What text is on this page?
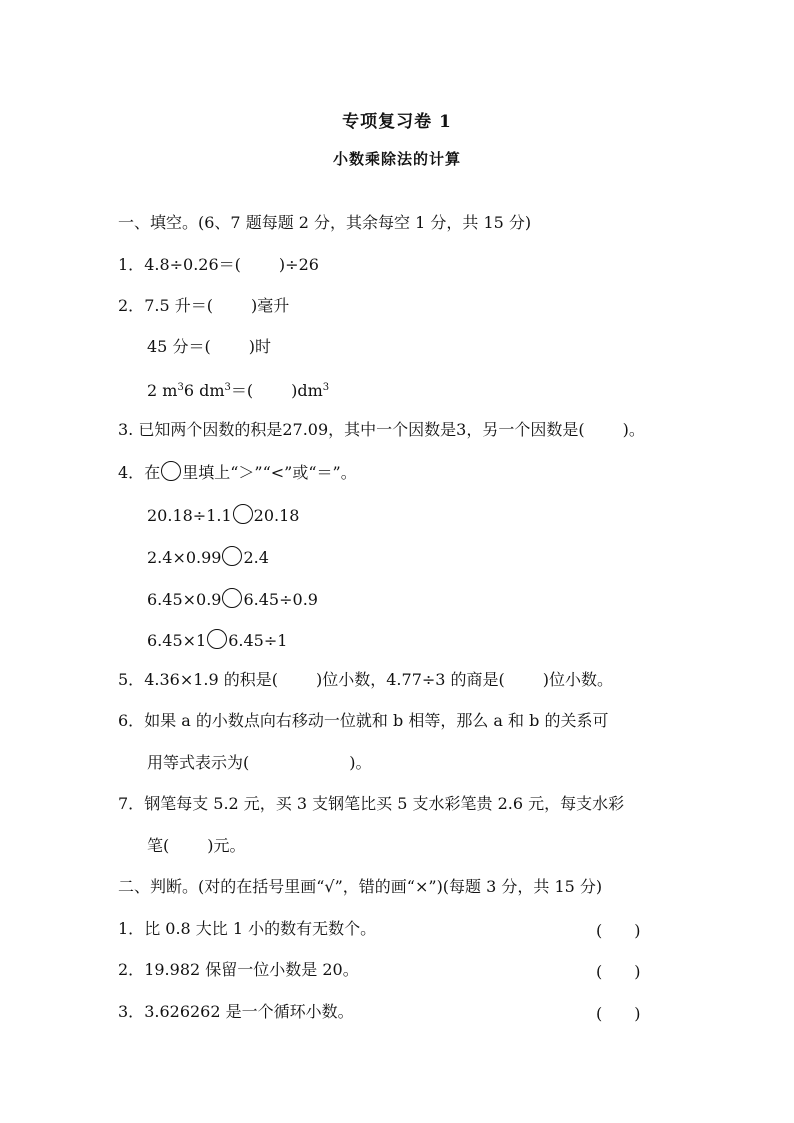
专项复习卷 1
小数乘除法的计算
一、填空。(6、7 题每题 2 分，其余每空 1 分，共 15 分)
1．4.8÷0.26＝( )÷26
2．7.5 升＝( )毫升
45 分＝( )时
2 $m^36$ $dm^3=$( )$dm^3$
3. 已知两个因数的积是27.09，其中一个因数是3，另一个因数是( )。
4．在 里填上“＞”“<”或“＝”。
20.18÷1.1 20.18
2.4×0.99 2.4
6.45×0.9 6.45÷0.9
6.45×1 6.45÷1
5．4.36×1.9 的积是( )位小数，4.77÷3 的商是( )位小数。
6．如果 a 的小数点向右移动一位就和 b 相等，那么 a 和 b 的关系可
用等式表示为(	)。
7．钢笔每支 5.2 元，买 3 支钢笔比买 5 支水彩笔贵 2.6 元，每支水彩
笔( )元。
二、判断。(对的在括号里画“√”，错的画“×”)(每题 3 分，共 15 分)
1．比 0.8 大比 1 小的数有无数个。	(　　)
2．19.982 保留一位小数是 20。	(　　)
3．3.626262 是一个循环小数。	(　　)
